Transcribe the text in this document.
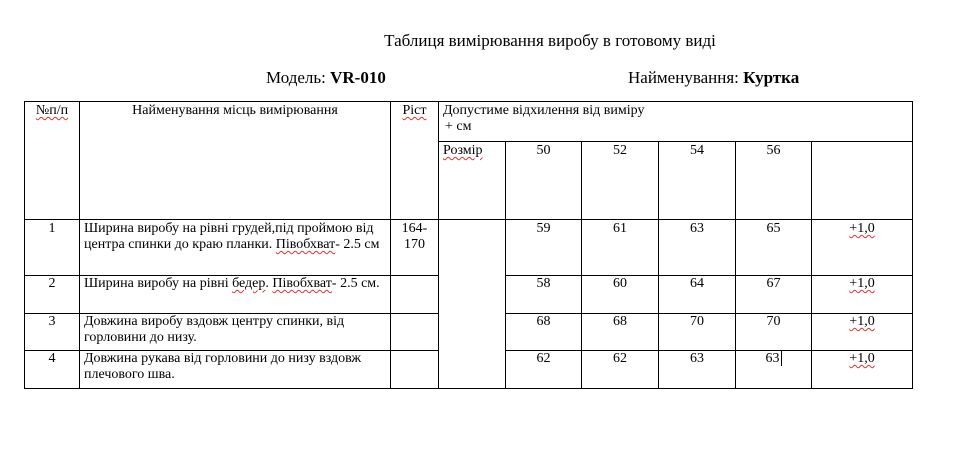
Таблиця вимірювання виробу в готовому виді
Модель: VR-010	Найменування: Куртка
№п/п	Найменування місць вимірювання	Ріст	Допустиме відхилення від виміру
+ см					

			Розмір	50	52	54	56	
1	Ширина виробу на рівні грудей,під проймою від центра спинки до краю планки. Півобхват- 2.5 см	164-170		59	61	63	65	+1,0
2	Ширина виробу на рівні бедер. Півобхват- 2.5 см.			58	60	64	67	+1,0
3	Довжина виробу вздовж центру спинки, від горловини до низу.			68	68	70	70	+1,0
4	Довжина рукава від горловини до низу вздовж плечового шва.			62	62	63	63	+1,0
